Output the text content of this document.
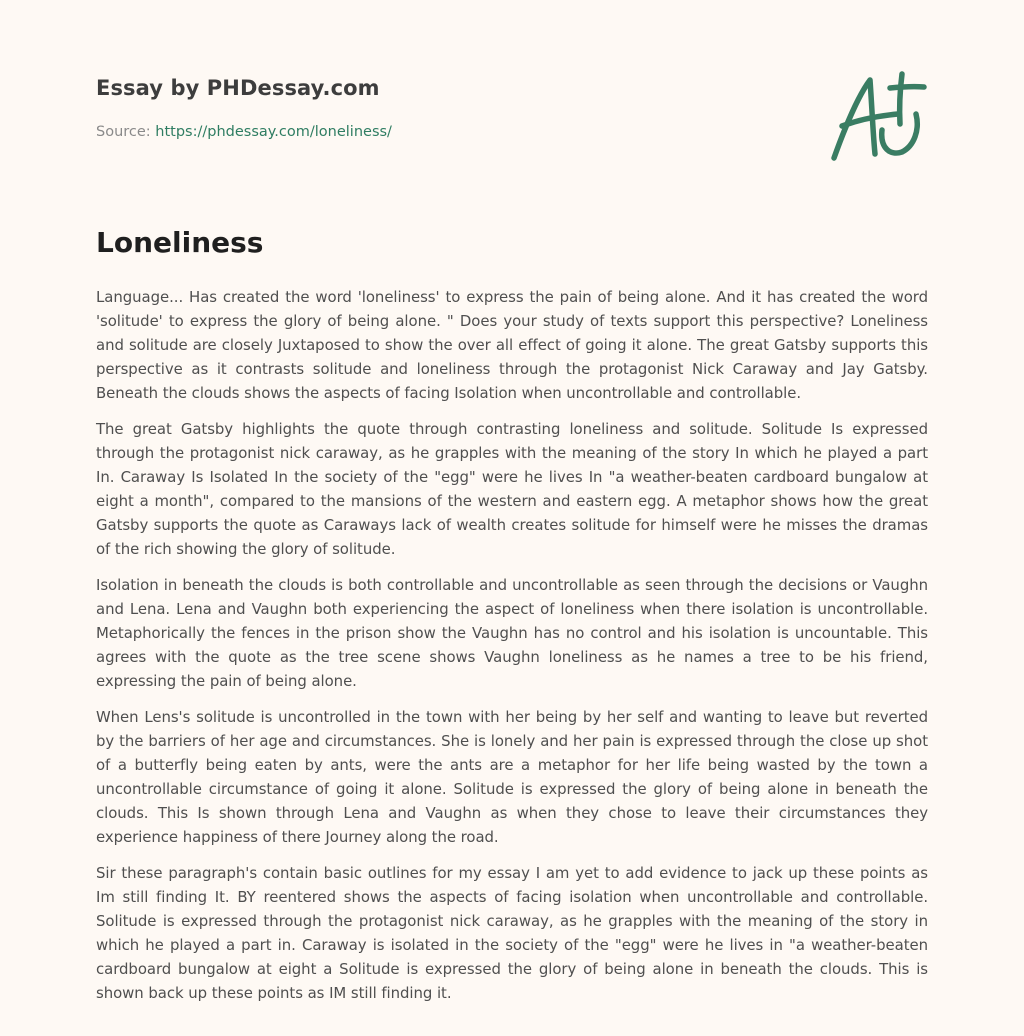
Essay by PHDessay.com
Source: https://phdessay.com/loneliness/
Loneliness

Language... Has created the word 'loneliness' to express the pain of being alone. And it has created the word 'solitude' to express the glory of being alone. " Does your study of texts support this perspective? Loneliness and solitude are closely Juxtaposed to show the over all effect of going it alone. The great Gatsby supports this perspective as it contrasts solitude and loneliness through the protagonist Nick Caraway and Jay Gatsby. Beneath the clouds shows the aspects of facing Isolation when uncontrollable and controllable.

The great Gatsby highlights the quote through contrasting loneliness and solitude. Solitude Is expressed through the protagonist nick caraway, as he grapples with the meaning of the story In which he played a part In. Caraway Is Isolated In the society of the "egg" were he lives In "a weather-beaten cardboard bungalow at eight a month", compared to the mansions of the western and eastern egg. A metaphor shows how the great Gatsby supports the quote as Caraways lack of wealth creates solitude for himself were he misses the dramas of the rich showing the glory of solitude.

Isolation in beneath the clouds is both controllable and uncontrollable as seen through the decisions or Vaughn and Lena. Lena and Vaughn both experiencing the aspect of loneliness when there isolation is uncontrollable. Metaphorically the fences in the prison show the Vaughn has no control and his isolation is uncountable. This agrees with the quote as the tree scene shows Vaughn loneliness as he names a tree to be his friend, expressing the pain of being alone.

When Lens's solitude is uncontrolled in the town with her being by her self and wanting to leave but reverted by the barriers of her age and circumstances. She is lonely and her pain is expressed through the close up shot of a butterfly being eaten by ants, were the ants are a metaphor for her life being wasted by the town a uncontrollable circumstance of going it alone. Solitude is expressed the glory of being alone in beneath the clouds. This Is shown through Lena and Vaughn as when they chose to leave their circumstances they experience happiness of there Journey along the road.

Sir these paragraph's contain basic outlines for my essay I am yet to add evidence to jack up these points as Im still finding It. BY reentered shows the aspects of facing isolation when uncontrollable and controllable. Solitude is expressed through the protagonist nick caraway, as he grapples with the meaning of the story in which he played a part in. Caraway is isolated in the society of the "egg" were he lives in "a weather-beaten cardboard bungalow at eight a Solitude is expressed the glory of being alone in beneath the clouds. This is shown back up these points as IM still finding it.
